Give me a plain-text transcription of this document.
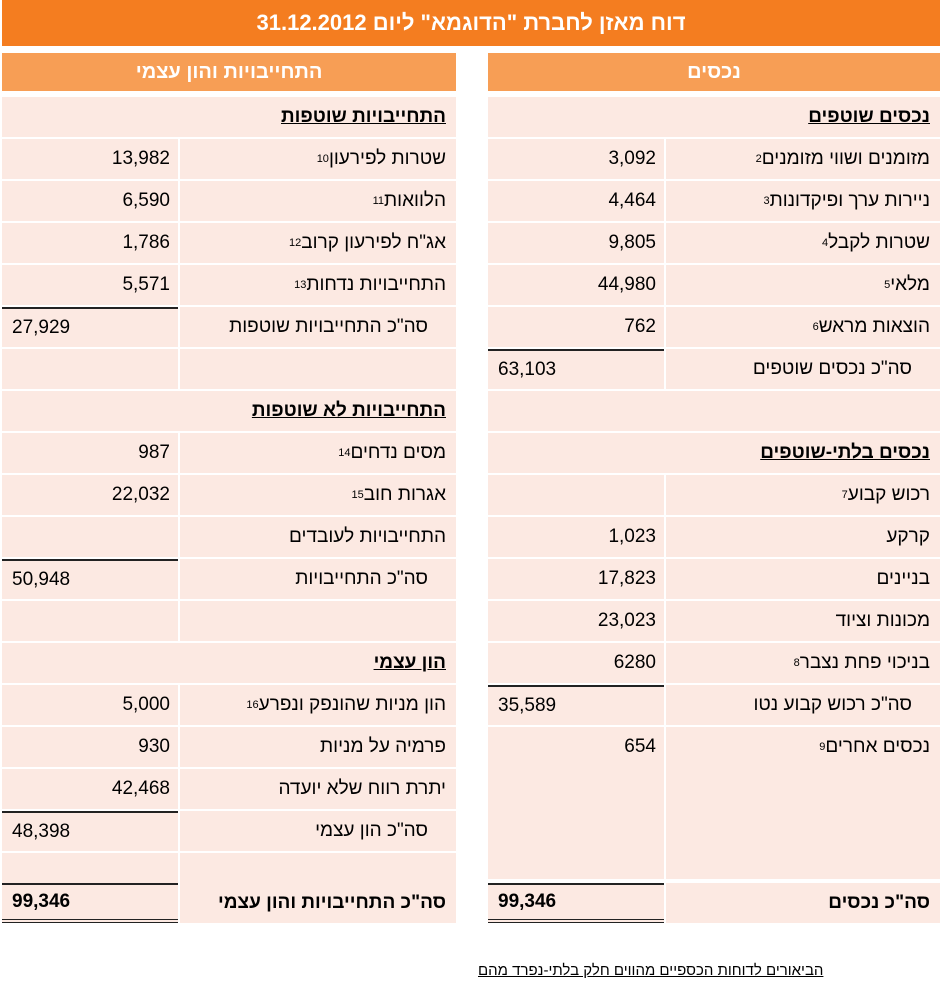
דוח מאזן לחברת "הדוגמא" ליום 31.12.2012
התחייבויות והון עצמי	נכסים
התחייבויות שוטפות
13,982	שטרות לפירעון
10
6,590	הלוואות
11
1,786	אג"ח לפירעון קרוב
12
5,571	התחייבויות נדחות
13
27,929	סה"כ התחייבויות שוטפות
התחייבויות לא שוטפות
987	מסים נדחים
14
22,032	אגרות חוב
15
התחייבויות לעובדים
50,948	סה"כ התחייבויות
הון עצמי
5,000	הון מניות שהונפק ונפרע
16
930	פרמיה על מניות
42,468	יתרת רווח שלא יועדה
48,398	סה"כ הון עצמי
נכסים שוטפים
3,092	מזומנים ושווי מזומנים
2
4,464	ניירות ערך ופיקדונות
3
9,805	שטרות לקבל
4
44,980	מלאי
5
762	הוצאות מראש
6
63,103	סה"כ נכסים שוטפים
נכסים בלתי-שוטפים
רכוש קבוע
7
1,023	קרקע
17,823	בניינים
23,023	מכונות וציוד
6280	בניכוי פחת נצבר
8
35,589	סה"כ רכוש קבוע נטו
654	נכסים אחרים
9
99,346	סה"כ התחייבויות והון עצמי	99,346	סה"כ נכסים
הביאורים לדוחות הכספיים מהווים חלק בלתי-נפרד מהם
